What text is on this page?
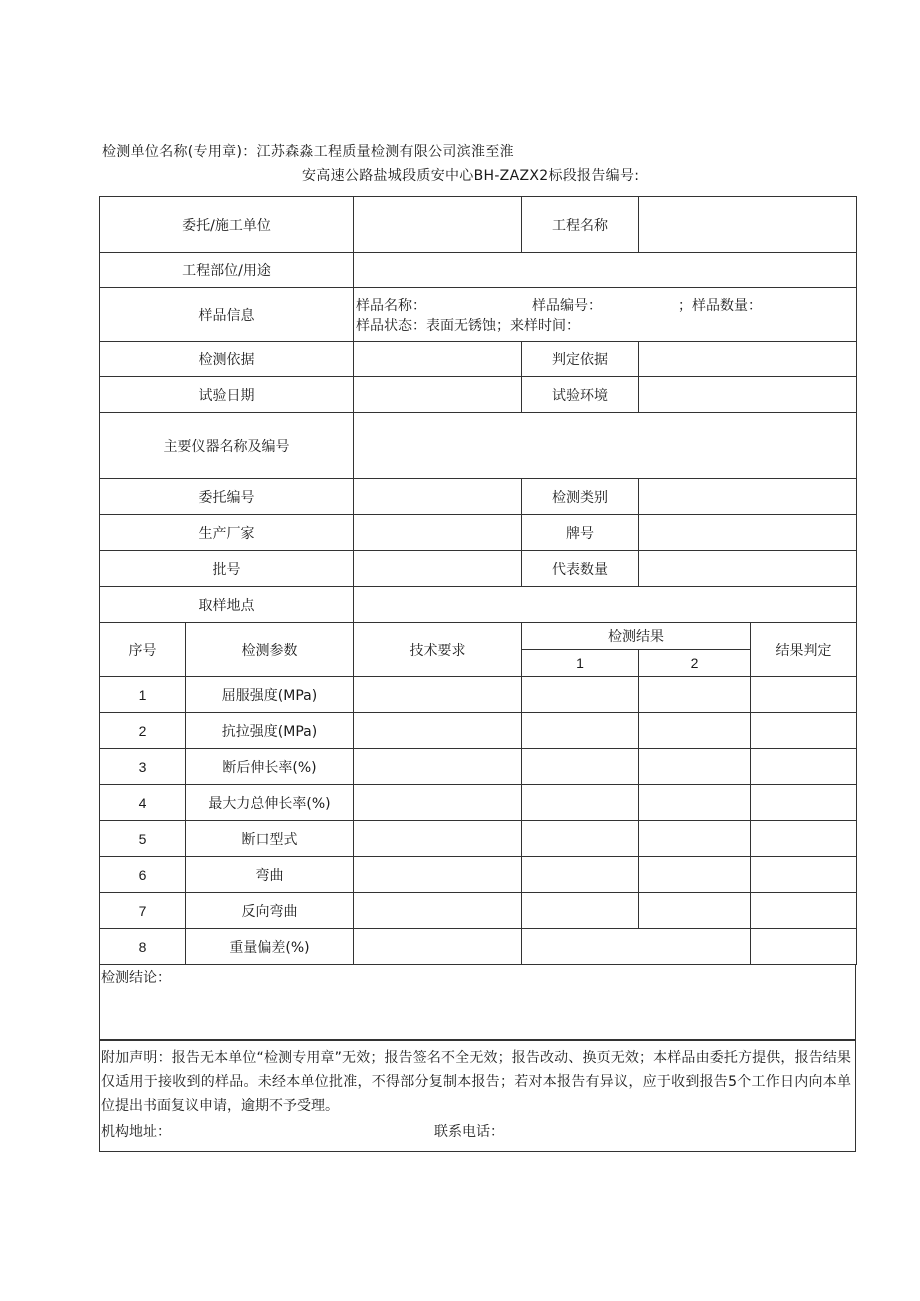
检测单位名称(专用章)：江苏森淼工程质量检测有限公司滨淮至淮
安高速公路盐城段质安中心BH-ZAZX2标段报告编号:
委托/施工单位			工程名称		
工程部位/用途					
样品信息		样品名称： 样品编号： ；样品数量：
样品状态：表面无锈蚀；来样时间：			

检测依据			判定依据		
试验日期			试验环境		
主要仪器名称及编号					
委托编号			检测类别		
生产厂家			牌号		
批号			代表数量		
取样地点					
序号	检测参数	技术要求	检测结果		结果判定
			1	2	
1	屈服强度(MPa)				
2	抗拉强度(MPa)				
3	断后伸长率(%)				
4	最大力总伸长率(%)				
5	断口型式				
6	弯曲				
7	反向弯曲				
8	重量偏差(%)				
检测结论：
附加声明：报告无本单位“检测专用章”无效；报告签名不全无效；报告改动、换页无效；本样品由委托方提供，报告结果仅适用于接收到的样品。未经本单位批准，不得部分复制本报告；若对本报告有异议，应于收到报告5个工作日内向本单位提出书面复议申请，逾期不予受理。
机构地址：	联系电话：
